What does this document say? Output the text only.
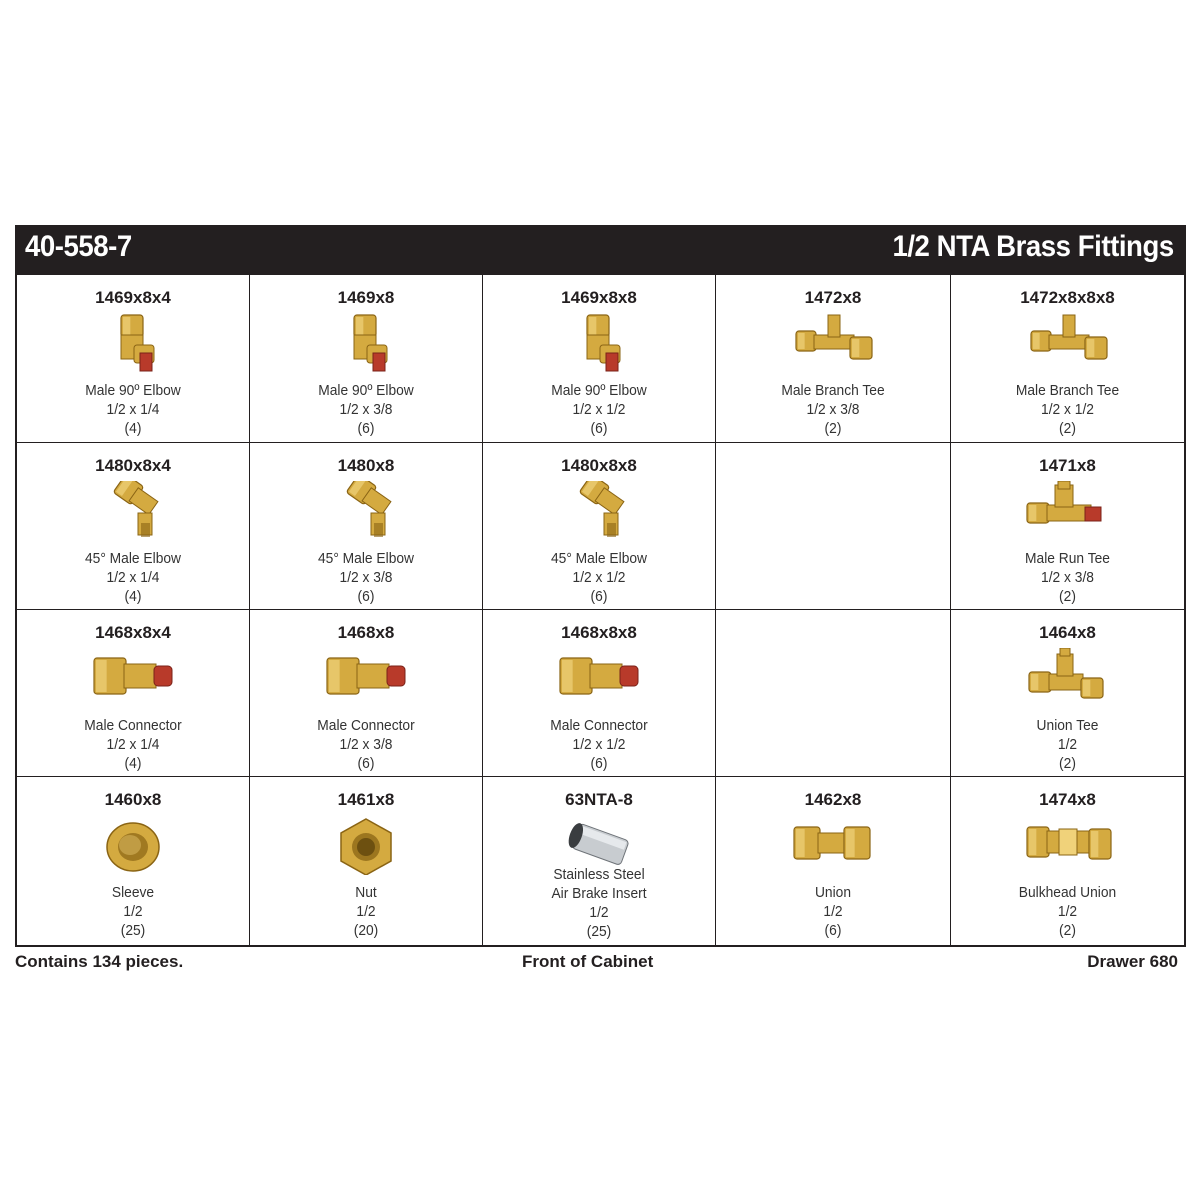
40-558-7	1/2 NTA Brass Fittings
1469x8x4
Male 90º Elbow
1/2 x 1/4
(4)
1469x8
Male 90º Elbow
1/2 x 3/8
(6)
1469x8x8
Male 90º Elbow
1/2 x 1/2
(6)
1472x8
Male Branch Tee
1/2 x 3/8
(2)
1472x8x8x8
Male Branch Tee
1/2 x 1/2
(2)
1480x8x4
45° Male Elbow
1/2 x 1/4
(4)
1480x8
45° Male Elbow
1/2 x 3/8
(6)
1480x8x8
45° Male Elbow
1/2 x 1/2
(6)
1471x8
Male Run Tee
1/2 x 3/8
(2)
1468x8x4
Male Connector
1/2 x 1/4
(4)
1468x8
Male Connector
1/2 x 3/8
(6)
1468x8x8
Male Connector
1/2 x 1/2
(6)
1464x8
Union Tee
1/2
(2)
1460x8
Sleeve
1/2
(25)
1461x8
Nut
1/2
(20)
63NTA-8
Stainless Steel
Air Brake Insert
1/2
(25)
1462x8
Union
1/2
(6)
1474x8
Bulkhead Union
1/2
(2)
Contains 134 pieces.	Front of Cabinet	Drawer 680
